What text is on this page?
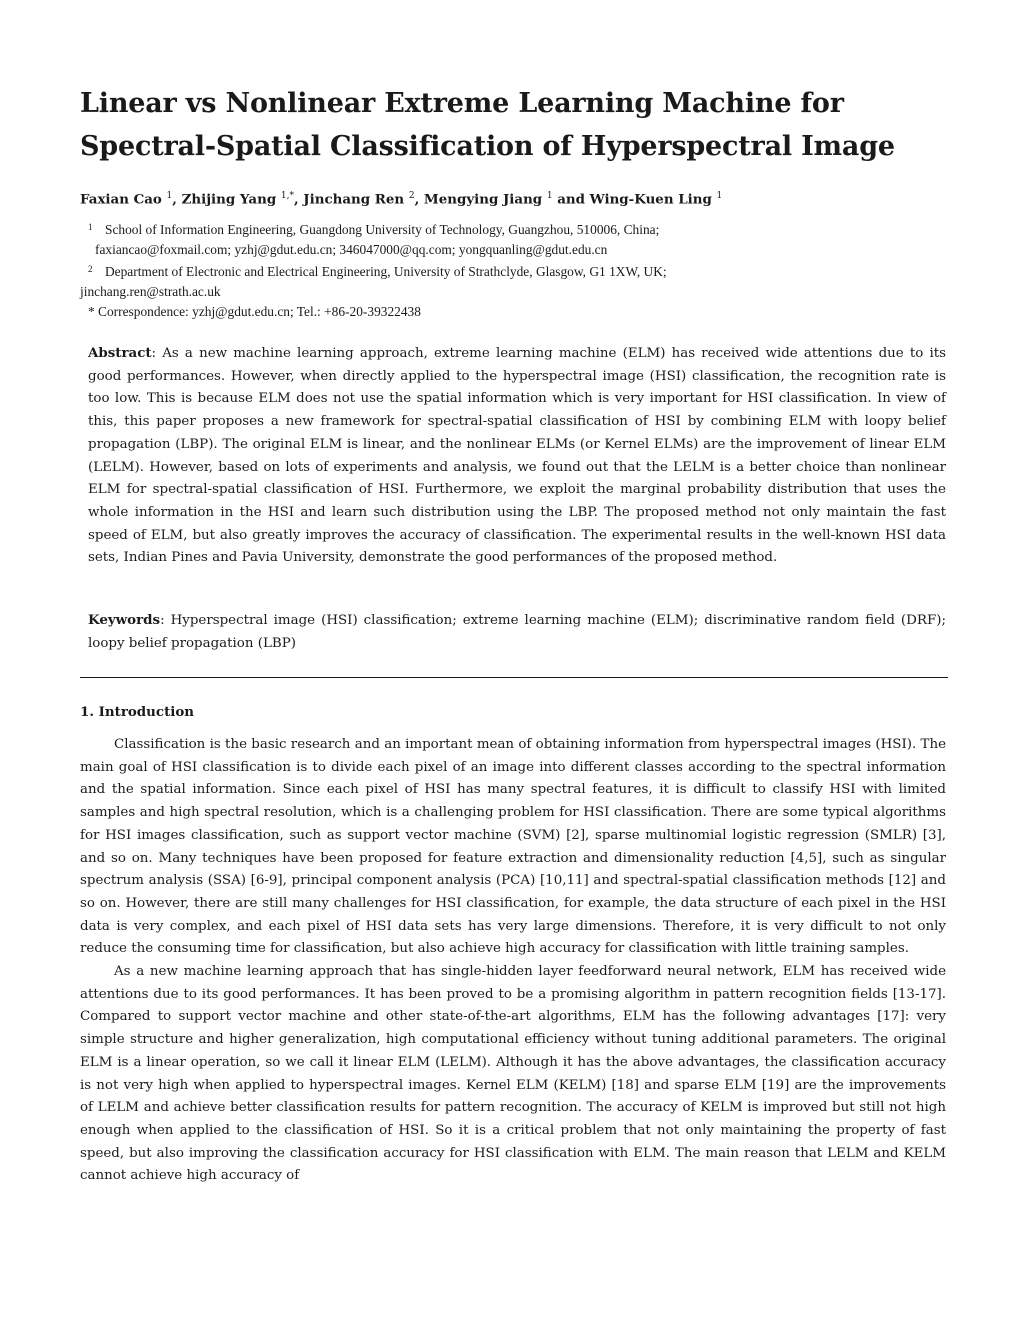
Linear vs Nonlinear Extreme Learning Machine for Spectral-Spatial Classification of Hyperspectral Image
Faxian Cao $^1$, Zhijing Yang $^{1,*}$, Jinchang Ren $^2$, Mengying Jiang $^1$ and Wing-Kuen Ling $^1$
1 School of Information Engineering, Guangdong University of Technology, Guangzhou, 510006, China;
faxiancao@foxmail.com; yzhj@gdut.edu.cn; 346047000@qq.com; yongquanling@gdut.edu.cn
2 Department of Electronic and Electrical Engineering, University of Strathclyde, Glasgow, G1 1XW, UK;
jinchang.ren@strath.ac.uk
* Correspondence: yzhj@gdut.edu.cn; Tel.: +86-20-39322438
Abstract: As a new machine learning approach, extreme learning machine (ELM) has received wide attentions due to its good performances. However, when directly applied to the hyperspectral image (HSI) classification, the recognition rate is too low. This is because ELM does not use the spatial information which is very important for HSI classification. In view of this, this paper proposes a new framework for spectral-spatial classification of HSI by combining ELM with loopy belief propagation (LBP). The original ELM is linear, and the nonlinear ELMs (or Kernel ELMs) are the improvement of linear ELM (LELM). However, based on lots of experiments and analysis, we found out that the LELM is a better choice than nonlinear ELM for spectral-spatial classification of HSI. Furthermore, we exploit the marginal probability distribution that uses the whole information in the HSI and learn such distribution using the LBP. The proposed method not only maintain the fast speed of ELM, but also greatly improves the accuracy of classification. The experimental results in the well-known HSI data sets, Indian Pines and Pavia University, demonstrate the good performances of the proposed method.
Keywords: Hyperspectral image (HSI) classification; extreme learning machine (ELM); discriminative random field (DRF); loopy belief propagation (LBP)
1. Introduction

Classification is the basic research and an important mean of obtaining information from hyperspectral images (HSI). The main goal of HSI classification is to divide each pixel of an image into different classes according to the spectral information and the spatial information. Since each pixel of HSI has many spectral features, it is difficult to classify HSI with limited samples and high spectral resolution, which is a challenging problem for HSI classification. There are some typical algorithms for HSI images classification, such as support vector machine (SVM) [2], sparse multinomial logistic regression (SMLR) [3], and so on. Many techniques have been proposed for feature extraction and dimensionality reduction [4,5], such as singular spectrum analysis (SSA) [6-9], principal component analysis (PCA) [10,11] and spectral-spatial classification methods [12] and so on. However, there are still many challenges for HSI classification, for example, the data structure of each pixel in the HSI data is very complex, and each pixel of HSI data sets has very large dimensions. Therefore, it is very difficult to not only reduce the consuming time for classification, but also achieve high accuracy for classification with little training samples.

As a new machine learning approach that has single-hidden layer feedforward neural network, ELM has received wide attentions due to its good performances. It has been proved to be a promising algorithm in pattern recognition fields [13-17]. Compared to support vector machine and other state-of-the-art algorithms, ELM has the following advantages [17]: very simple structure and higher generalization, high computational efficiency without tuning additional parameters. The original ELM is a linear operation, so we call it linear ELM (LELM). Although it has the above advantages, the classification accuracy is not very high when applied to hyperspectral images. Kernel ELM (KELM) [18] and sparse ELM [19] are the improvements of LELM and achieve better classification results for pattern recognition. The accuracy of KELM is improved but still not high enough when applied to the classification of HSI. So it is a critical problem that not only maintaining the property of fast speed, but also improving the classification accuracy for HSI classification with ELM. The main reason that LELM and KELM cannot achieve high accuracy of
